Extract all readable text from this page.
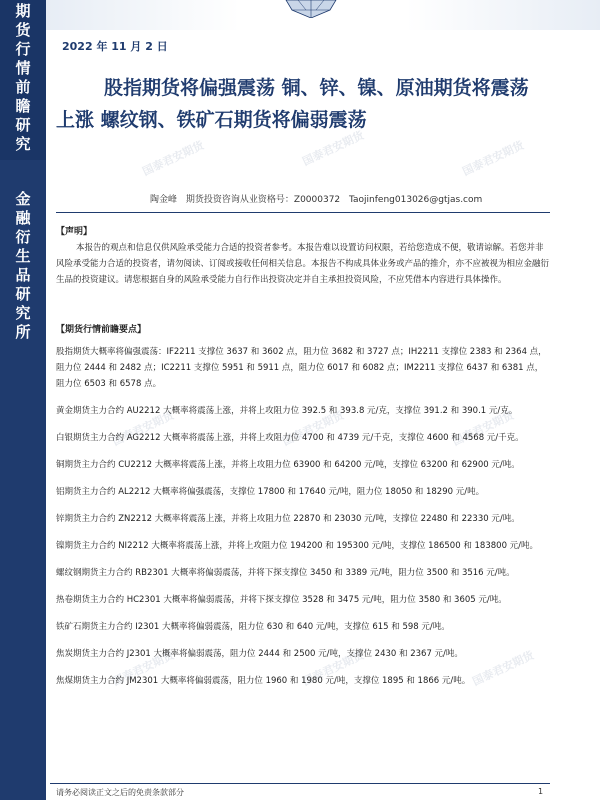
期
货
行
情
前
瞻
研
究
金
融
衍
生
品
研
究
所
2022 年 11 月 2 日
国泰君安期货	国泰君安期货	国泰君安期货
国泰君安期货	国泰君安期货	国泰君安期货
国泰君安期货	国泰君安期货	国泰君安期货
股指期货将偏强震荡 铜、锌、镍、原油期货将震荡上涨 螺纹钢、铁矿石期货将偏弱震荡
陶金峰 期货投资咨询从业资格号：Z0000372 Taojinfeng013026@gtjas.com
【声明】
本报告的观点和信息仅供风险承受能力合适的投资者参考。本报告难以设置访问权限，若给您造成不便，敬请谅解。若您并非风险承受能力合适的投资者，请勿阅读、订阅或接收任何相关信息。本报告不构成具体业务或产品的推介，亦不应被视为相应金融衍生品的投资建议。请您根据自身的风险承受能力自行作出投资决定并自主承担投资风险，不应凭借本内容进行具体操作。
【期货行情前瞻要点】
股指期货大概率将偏强震荡：IF2211 支撑位 3637 和 3602 点，阻力位 3682 和 3727 点；IH2211 支撑位 2383 和 2364 点，阻力位 2444 和 2482 点；IC2211 支撑位 5951 和 5911 点，阻力位 6017 和 6082 点；IM2211 支撑位 6437 和 6381 点，阻力位 6503 和 6578 点。
黄金期货主力合约 AU2212 大概率将震荡上涨，并将上攻阻力位 392.5 和 393.8 元/克，支撑位 391.2 和 390.1 元/克。
白银期货主力合约 AG2212 大概率将震荡上涨，并将上攻阻力位 4700 和 4739 元/千克，支撑位 4600 和 4568 元/千克。
铜期货主力合约 CU2212 大概率将震荡上涨，并将上攻阻力位 63900 和 64200 元/吨，支撑位 63200 和 62900 元/吨。
铝期货主力合约 AL2212 大概率将偏强震荡，支撑位 17800 和 17640 元/吨，阻力位 18050 和 18290 元/吨。
锌期货主力合约 ZN2212 大概率将震荡上涨，并将上攻阻力位 22870 和 23030 元/吨，支撑位 22480 和 22330 元/吨。
镍期货主力合约 NI2212 大概率将震荡上涨，并将上攻阻力位 194200 和 195300 元/吨，支撑位 186500 和 183800 元/吨。
螺纹钢期货主力合约 RB2301 大概率将偏弱震荡，并将下探支撑位 3450 和 3389 元/吨，阻力位 3500 和 3516 元/吨。
热卷期货主力合约 HC2301 大概率将偏弱震荡，并将下探支撑位 3528 和 3475 元/吨，阻力位 3580 和 3605 元/吨。
铁矿石期货主力合约 I2301 大概率将偏弱震荡，阻力位 630 和 640 元/吨，支撑位 615 和 598 元/吨。
焦炭期货主力合约 J2301 大概率将偏弱震荡，阻力位 2444 和 2500 元/吨，支撑位 2430 和 2367 元/吨。
焦煤期货主力合约 JM2301 大概率将偏弱震荡，阻力位 1960 和 1980 元/吨，支撑位 1895 和 1866 元/吨。
请务必阅读正文之后的免责条款部分	1
